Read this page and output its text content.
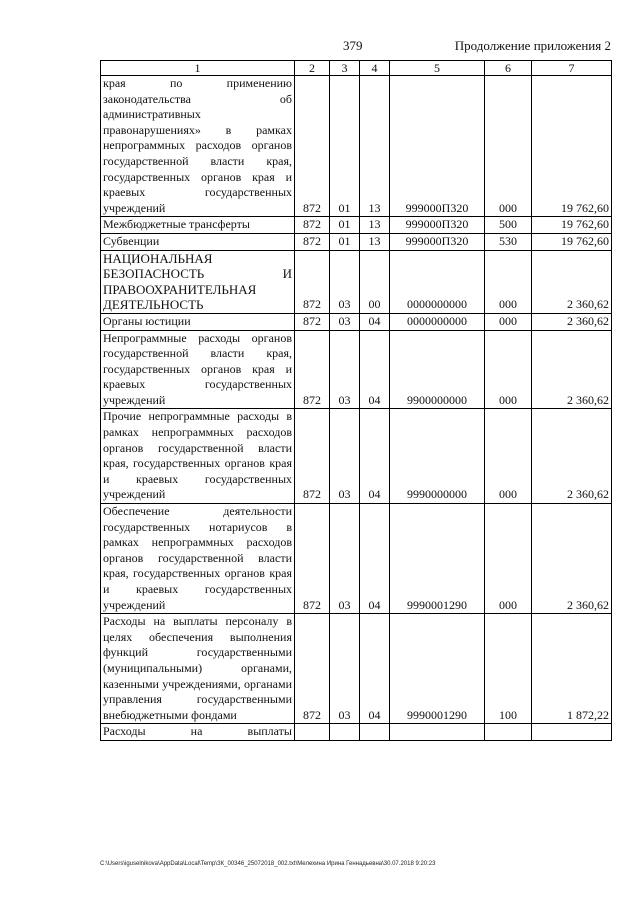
379	Продолжение приложения 2
1	2	3	4	5	6	7
края по применению законодательства об административных правонарушениях» в рамках непрограммных расходов органов государственной власти края, государственных органов края и краевых государственных учреждений	872	01	13	999000П320	000	19 762,60
Межбюджетные трансферты	872	01	13	999000П320	500	19 762,60
Субвенции	872	01	13	999000П320	530	19 762,60
НАЦИОНАЛЬНАЯ БЕЗОПАСНОСТЬ И ПРАВООХРАНИТЕЛЬНАЯ ДЕЯТЕЛЬНОСТЬ	872	03	00	0000000000	000	2 360,62
Органы юстиции	872	03	04	0000000000	000	2 360,62
Непрограммные расходы органов государственной власти края, государственных органов края и краевых государственных учреждений	872	03	04	9900000000	000	2 360,62
Прочие непрограммные расходы в рамках непрограммных расходов органов государственной власти края, государственных органов края и краевых государственных учреждений	872	03	04	9990000000	000	2 360,62
Обеспечение деятельности государственных нотариусов в рамках непрограммных расходов органов государственной власти края, государственных органов края и краевых государственных учреждений	872	03	04	9990001290	000	2 360,62
Расходы на выплаты персоналу в целях обеспечения выполнения функций государственными (муниципальными) органами, казенными учреждениями, органами управления государственными внебюджетными фондами	872	03	04	9990001290	100	1 872,22
Расходы на выплаты						
C:\Users\iguselnikova\AppData\Local\Temp\ЗК_00346_25072018_002.txt\Мелехина Ирина Геннадьевна\30.07.2018 9:20:23
